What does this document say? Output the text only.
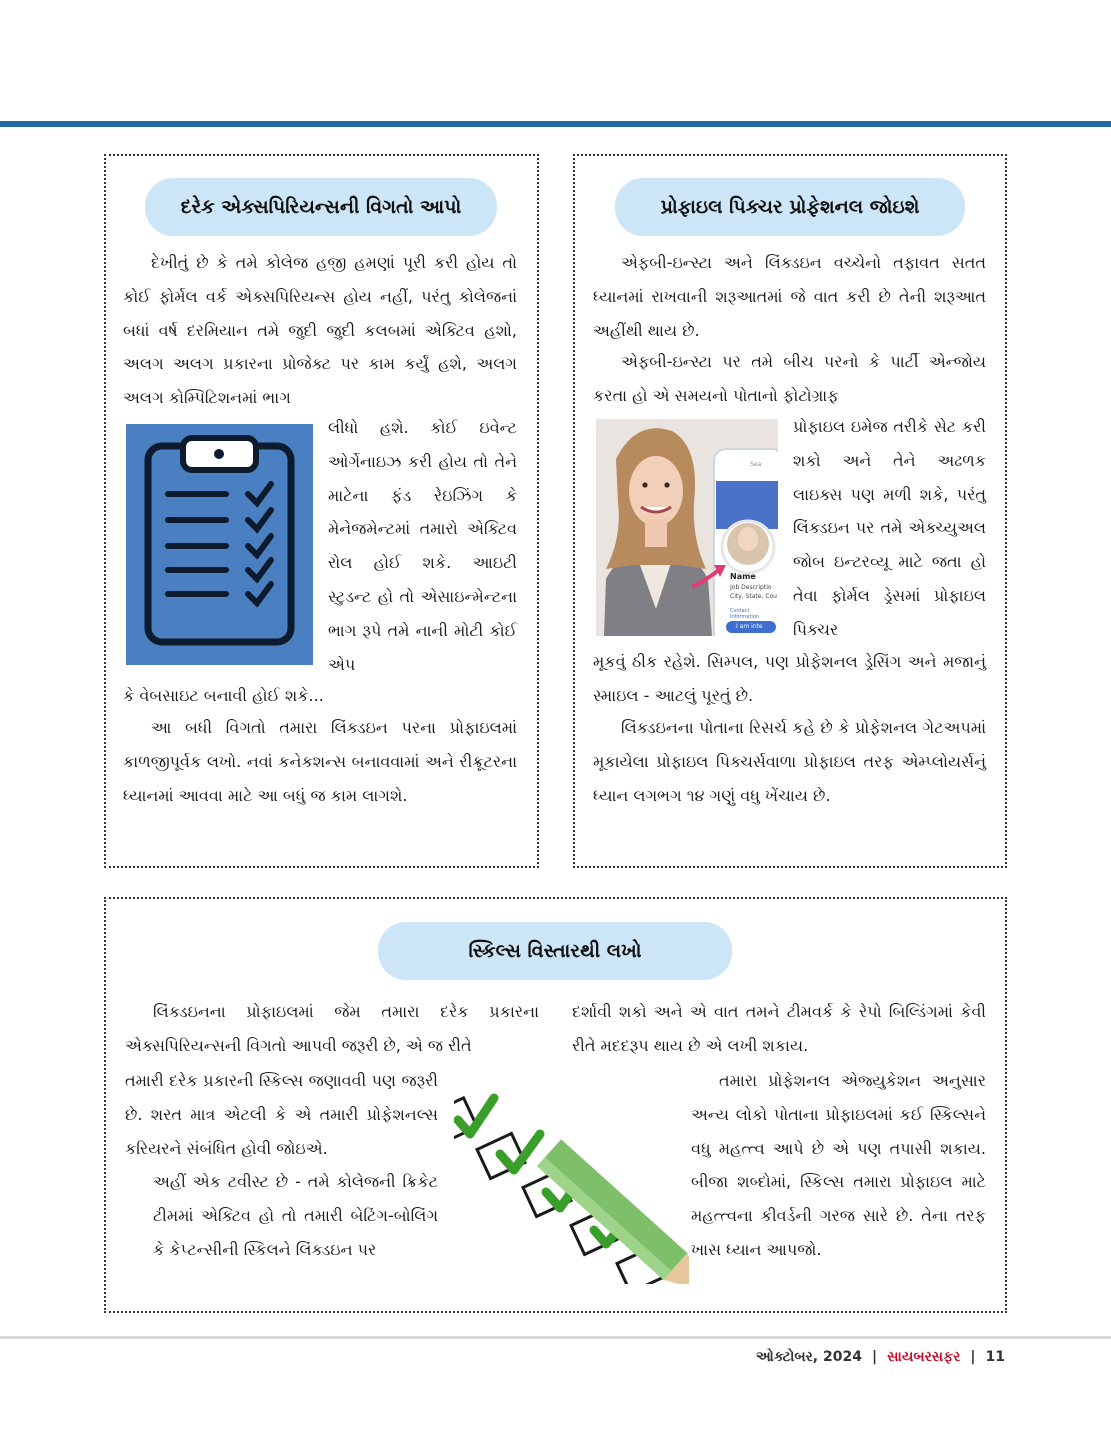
દરેક એક્સપિરિયન્સની વિગતો આપો

દેખીતું છે કે તમે કોલેજ હજી હમણાં પૂરી કરી હોય તો કોઈ ફોર્મલ વર્ક એક્સપિરિયન્સ હોય નહીં, પરંતુ કોલેજનાં બધાં વર્ષ દરમિયાન તમે જુદી જુદી કલબમાં એક્ટિવ હશો, અલગ અલગ પ્રકારના પ્રોજેક્ટ પર કામ કર્યું હશે, અલગ અલગ કોમ્પિટિશનમાં ભાગ

લીધો હશે. કોઈ ઇવેન્ટ ઓર્ગેનાઇઝ કરી હોય તો તેને માટેના ફંડ રેઇઝિંગ કે મેનેજમેન્ટમાં તમારો એક્ટિવ રોલ હોઈ શકે. આઇટી સ્ટુડન્ટ હો તો એસાઇન્મેન્ટના ભાગ રૂપે તમે નાની મોટી કોઈ એપ

કે વેબસાઇટ બનાવી હોઈ શકે...

આ બધી વિગતો તમારા લિંક્ડઇન પરના પ્રોફાઇલમાં કાળજીપૂર્વક લખો. નવાં કનેકશન્સ બનાવવામાં અને રીક્રૂટરના ધ્યાનમાં આવવા માટે આ બધું જ કામ લાગશે.

પ્રોફાઇલ પિક્ચર પ્રોફેશનલ જોઇશે

એફબી-ઇન્સ્ટા અને લિંક્ડઇન વચ્ચેનો તફાવત સતત ધ્યાનમાં રાખવાની શરૂઆતમાં જે વાત કરી છે તેની શરૂઆત અહીંથી થાય છે.

એફબી-ઇન્સ્ટા પર તમે બીચ પરનો કે પાર્ટી એન્જોય કરતા હો એ સમયનો પોતાનો ફોટોગ્રાફ

Sea
Name
Job Descriptio
City, State, Cou
Contact Information
I am inte

પ્રોફાઇલ ઇમેજ તરીકે સેટ કરી શકો અને તેને અઢળક લાઇક્સ પણ મળી શકે, પરંતુ લિંક્ડઇન પર તમે એક્ચ્યુઅલ જોબ ઇન્ટરવ્યૂ માટે જતા હો તેવા ફોર્મલ ડ્રેસમાં પ્રોફાઇલ પિક્ચર

મૂકવું ઠીક રહેશે. સિમ્પલ, પણ પ્રોફેશનલ ડ્રેસિંગ અને મજાનું સ્માઇલ - આટલું પૂરતું છે.

લિંક્ડઇનના પોતાના રિસર્ચ કહે છે કે પ્રોફેશનલ ગેટઅપમાં મૂકાયેલા પ્રોફાઇલ પિક્ચર્સવાળા પ્રોફાઇલ તરફ એમ્પ્લોયર્સનું ધ્યાન લગભગ ૧૪ ગણું વધુ ખેંચાય છે.

સ્કિલ્સ વિસ્તારથી લખો

લિંક્ડઇનના પ્રોફાઇલમાં જેમ તમારા દરેક પ્રકારના એક્સપિરિયન્સની વિગતો આપવી જરૂરી છે, એ જ રીતે

તમારી દરેક પ્રકારની સ્કિલ્સ જણાવવી પણ જરૂરી છે. શરત માત્ર એટલી કે એ તમારી પ્રોફેશનલ્સ કરિયરને સંબંધિત હોવી જોઇએ.
અહીં એક ટવીસ્ટ છે - તમે કોલેજની ક્રિકેટ ટીમમાં એક્ટિવ હો તો તમારી બેટિંગ-બોલિંગ કે કેપ્ટન્સીની સ્કિલને લિંક્ડઇન પર

દર્શાવી શકો અને એ વાત તમને ટીમવર્ક કે રેપો બિલ્ડિંગમાં કેવી રીતે મદદરૂપ થાય છે એ લખી શકાય.

તમારા પ્રોફેશનલ એજ્યુકેશન અનુસાર અન્ય લોકો પોતાના પ્રોફાઇલમાં કઈ સ્કિલ્સને વધુ મહત્ત્વ આપે છે એ પણ તપાસી શકાય. બીજા શબ્દોમાં, સ્કિલ્સ તમારા પ્રોફાઇલ માટે મહત્ત્વના કીવર્ડની ગરજ સારે છે. તેના તરફ ખાસ ધ્યાન આપજો.

ઓક્ટોબર, 2024 | સાયબરસફર | 11
